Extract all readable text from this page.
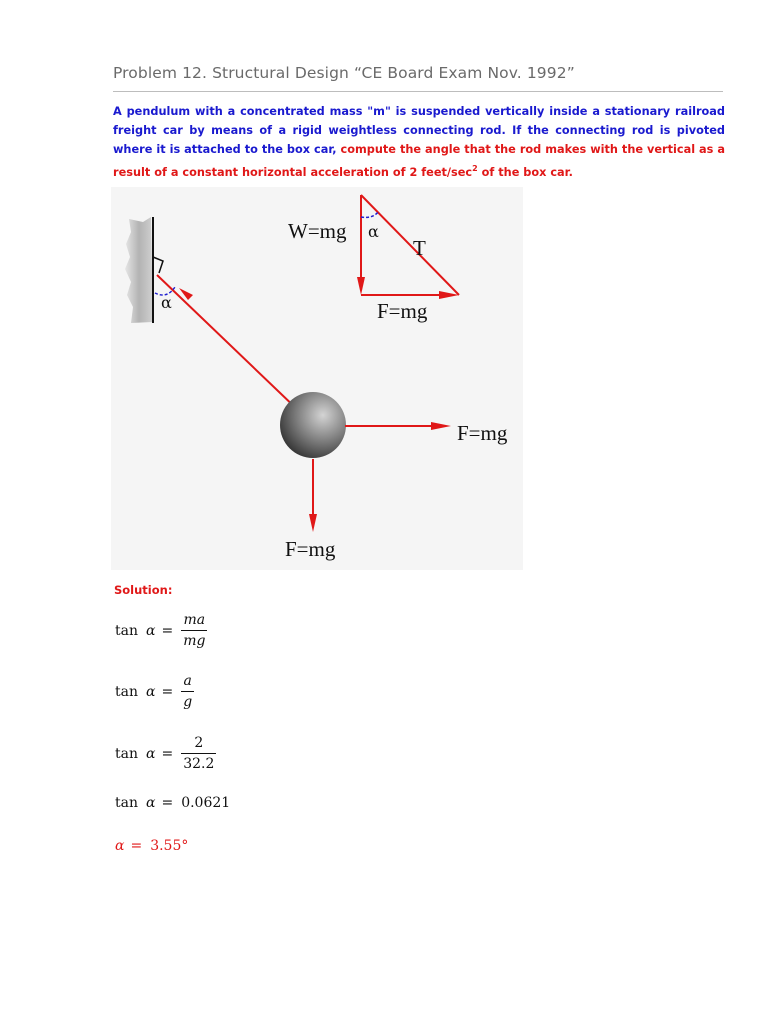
Problem 12. Structural Design “CE Board Exam Nov. 1992”
A pendulum with a concentrated mass "m" is suspended vertically inside a stationary railroad freight car by means of a rigid weightless connecting rod. If the connecting rod is pivoted where it is attached to the box car, compute the angle that the rod makes with the vertical as a result of a constant horizontal acceleration of 2 feet/$\sec^2$ of the box car.
α
F=mg
F=mg
W=mg α
T
F=mg
Solution:
$\tan \alpha = \frac{ma}{mg}$
$\tan \alpha = \frac{a}{g}$
$\tan \alpha = \frac{2}{32.2}$
tan α = 0.0621
α = 3.55°
